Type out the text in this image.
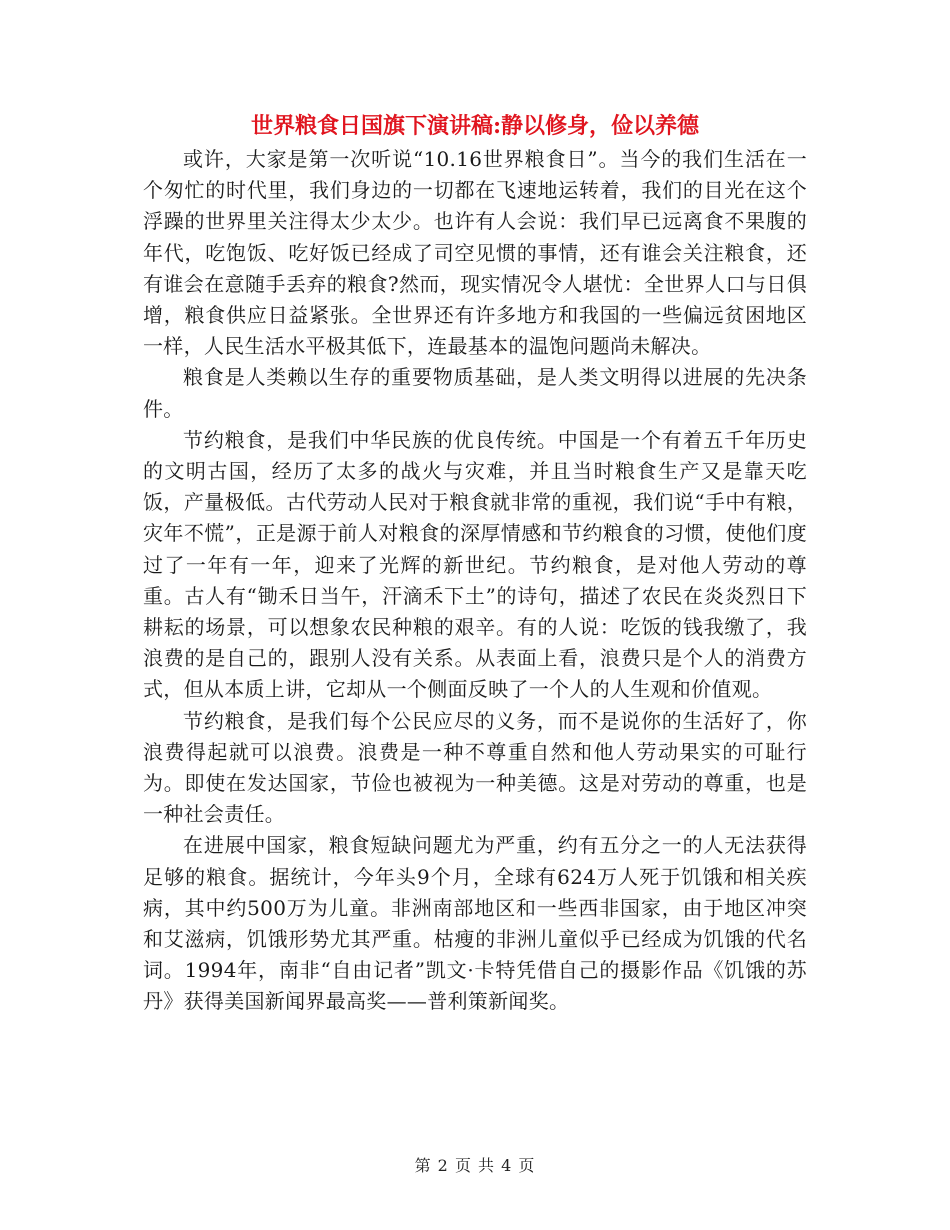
世界粮食日国旗下演讲稿:静以修身，俭以养德

或许，大家是第一次听说“10.16世界粮食日”。当今的我们生活在一个匆忙的时代里，我们身边的一切都在飞速地运转着，我们的目光在这个浮躁的世界里关注得太少太少。也许有人会说：我们早已远离食不果腹的年代，吃饱饭、吃好饭已经成了司空见惯的事情，还有谁会关注粮食，还有谁会在意随手丢弃的粮食?然而，现实情况令人堪忧：全世界人口与日俱增，粮食供应日益紧张。全世界还有许多地方和我国的一些偏远贫困地区一样，人民生活水平极其低下，连最基本的温饱问题尚未解决。

粮食是人类赖以生存的重要物质基础，是人类文明得以进展的先决条件。

节约粮食，是我们中华民族的优良传统。中国是一个有着五千年历史的文明古国，经历了太多的战火与灾难，并且当时粮食生产又是靠天吃饭，产量极低。古代劳动人民对于粮食就非常的重视，我们说“手中有粮，灾年不慌”，正是源于前人对粮食的深厚情感和节约粮食的习惯，使他们度过了一年有一年，迎来了光辉的新世纪。节约粮食，是对他人劳动的尊重。古人有“锄禾日当午，汗滴禾下土”的诗句，描述了农民在炎炎烈日下耕耘的场景，可以想象农民种粮的艰辛。有的人说：吃饭的钱我缴了，我浪费的是自己的，跟别人没有关系。从表面上看，浪费只是个人的消费方式，但从本质上讲，它却从一个侧面反映了一个人的人生观和价值观。

节约粮食，是我们每个公民应尽的义务，而不是说你的生活好了，你浪费得起就可以浪费。浪费是一种不尊重自然和他人劳动果实的可耻行为。即使在发达国家，节俭也被视为一种美德。这是对劳动的尊重，也是一种社会责任。

在进展中国家，粮食短缺问题尤为严重，约有五分之一的人无法获得足够的粮食。据统计，今年头9个月，全球有624万人死于饥饿和相关疾病，其中约500万为儿童。非洲南部地区和一些西非国家，由于地区冲突和艾滋病，饥饿形势尤其严重。枯瘦的非洲儿童似乎已经成为饥饿的代名词。1994年，南非“自由记者”凯文·卡特凭借自己的摄影作品《饥饿的苏丹》获得美国新闻界最高奖——普利策新闻奖。

第 2 页 共 4 页
